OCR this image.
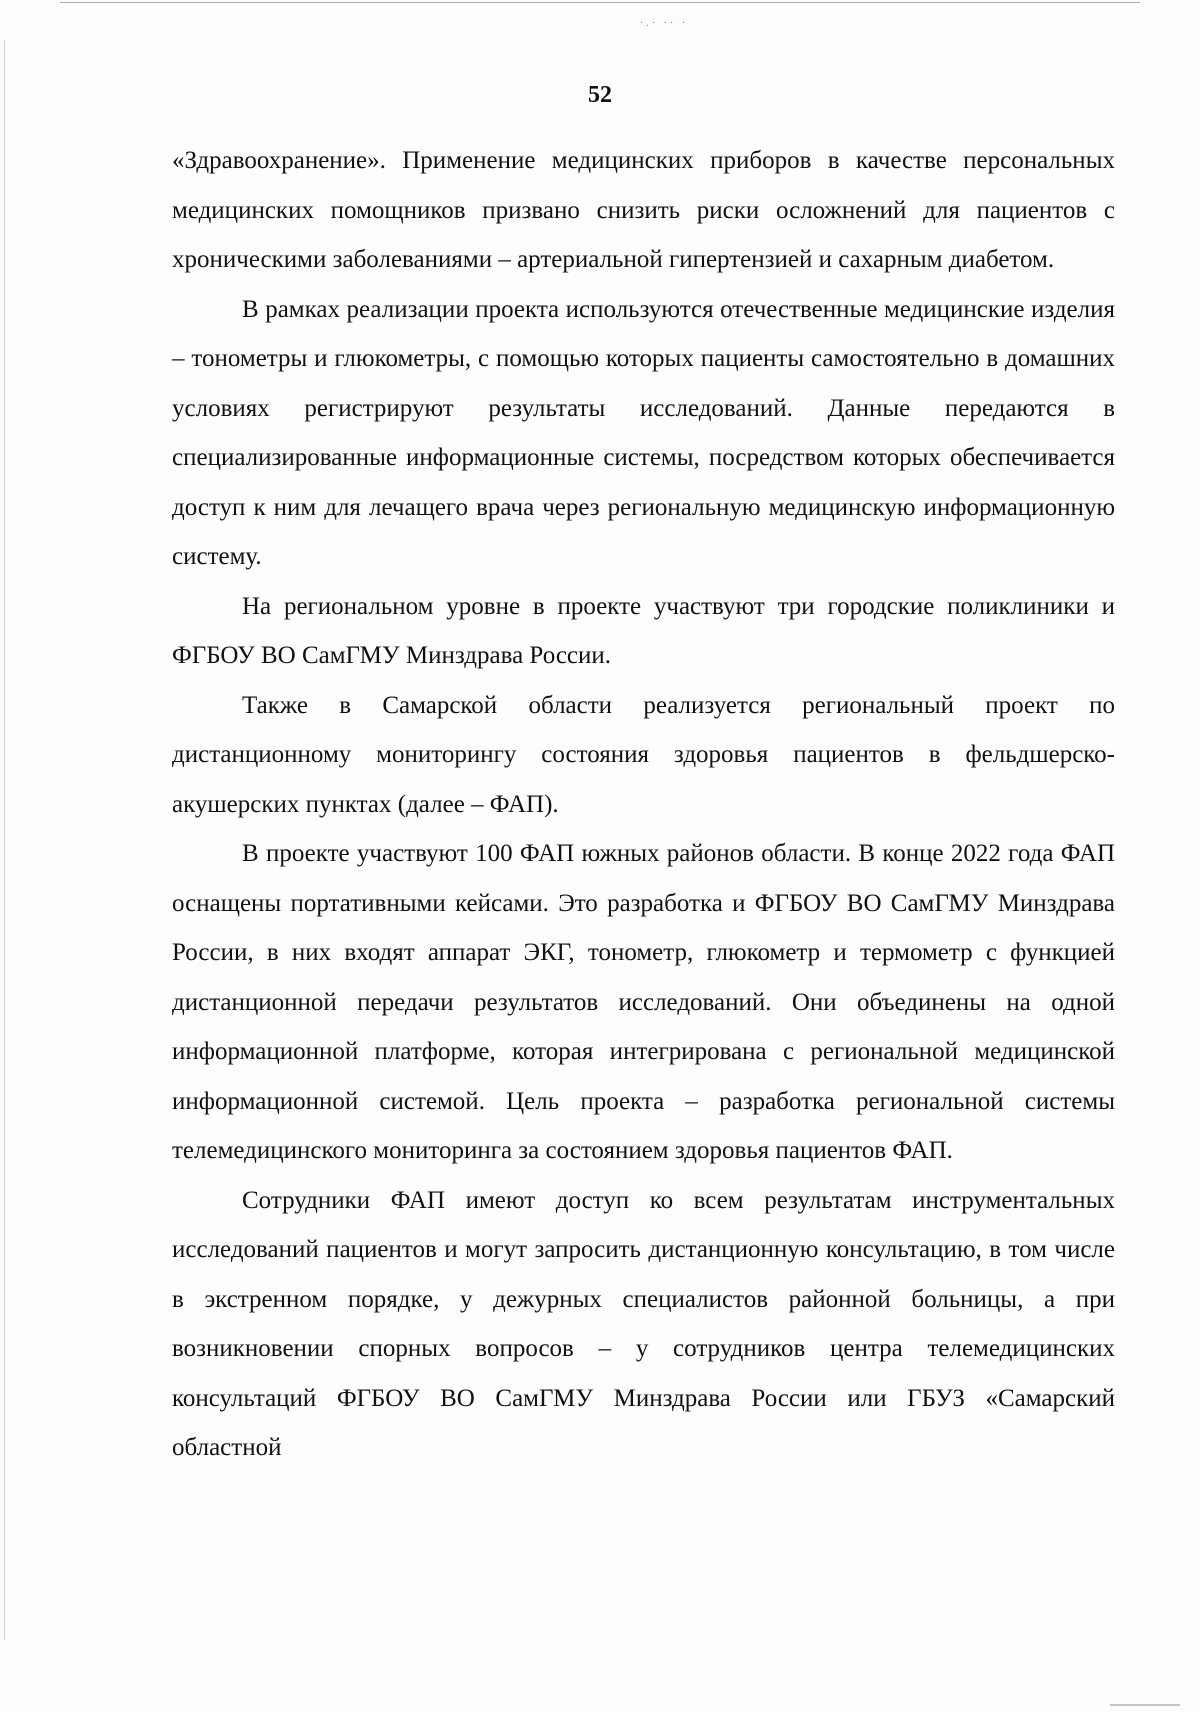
·.· ·· ·
52

«Здравоохранение». Применение медицинских приборов в качестве персональных медицинских помощников призвано снизить риски осложнений для пациентов с хроническими заболеваниями – артериальной гипертензией и сахарным диабетом.

В рамках реализации проекта используются отечественные медицинские изделия – тонометры и глюкометры, с помощью которых пациенты самостоятельно в домашних условиях регистрируют результаты исследований. Данные передаются в специализированные информационные системы, посредством которых обеспечивается доступ к ним для лечащего врача через региональную медицинскую информационную систему.

На региональном уровне в проекте участвуют три городские поликлиники и ФГБОУ ВО СамГМУ Минздрава России.

Также в Самарской области реализуется региональный проект по дистанционному мониторингу состояния здоровья пациентов в фельдшерско-акушерских пунктах (далее – ФАП).

В проекте участвуют 100 ФАП южных районов области. В конце 2022 года ФАП оснащены портативными кейсами. Это разработка и ФГБОУ ВО СамГМУ Минздрава России, в них входят аппарат ЭКГ, тонометр, глюкометр и термометр с функцией дистанционной передачи результатов исследований. Они объединены на одной информационной платформе, которая интегрирована с региональной медицинской информационной системой. Цель проекта – разработка региональной системы телемедицинского мониторинга за состоянием здоровья пациентов ФАП.

Сотрудники ФАП имеют доступ ко всем результатам инструментальных исследований пациентов и могут запросить дистанционную консультацию, в том числе в экстренном порядке, у дежурных специалистов районной больницы, а при возникновении спорных вопросов – у сотрудников центра телемедицинских консультаций ФГБОУ ВО СамГМУ Минздрава России или ГБУЗ «Самарский областной
